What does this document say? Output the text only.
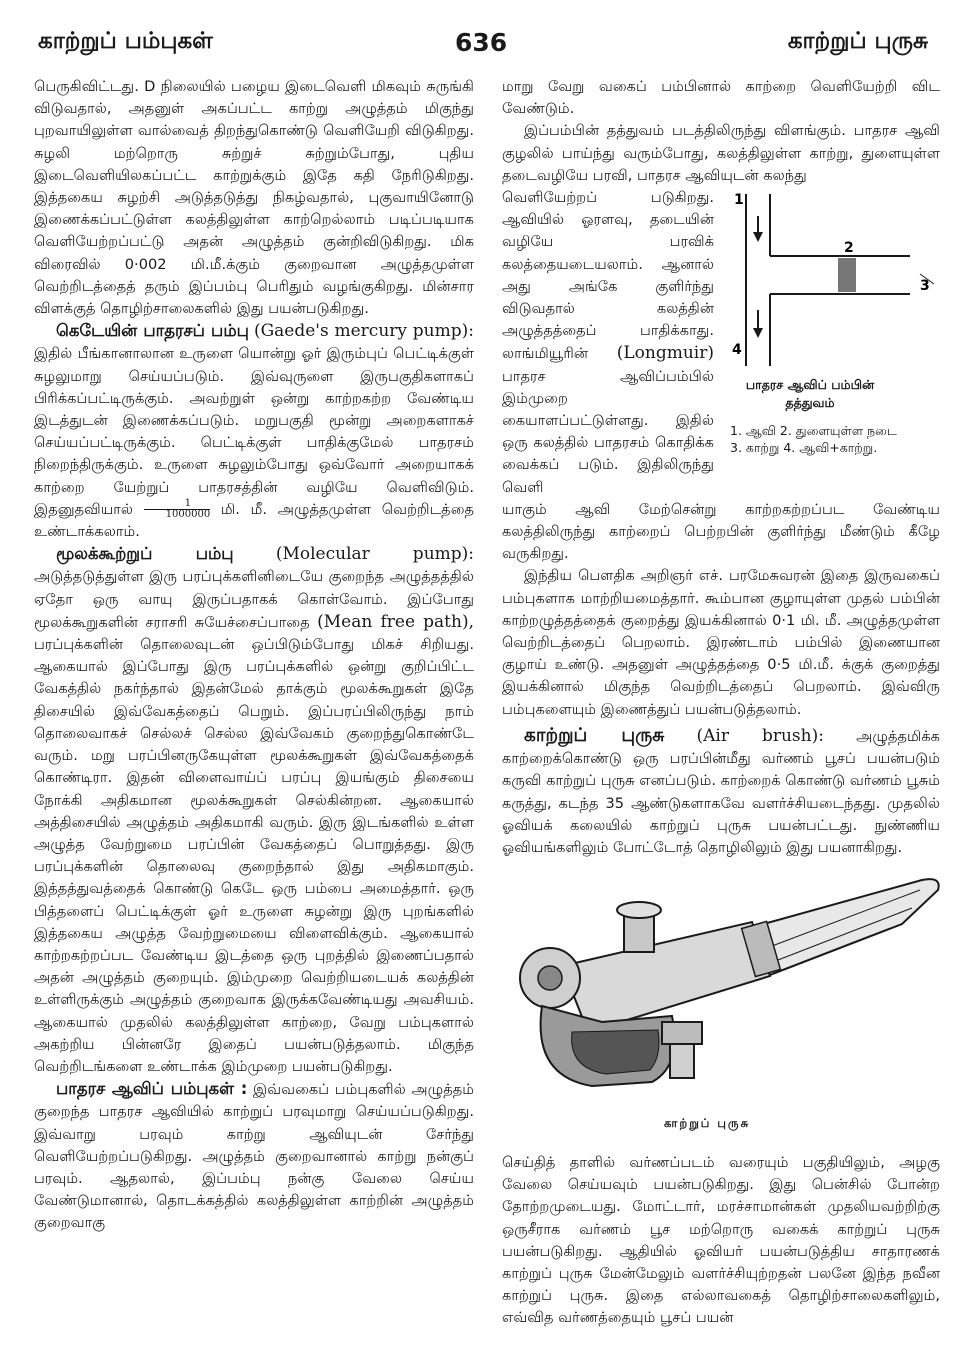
காற்றுப் பம்புகள்	636	காற்றுப் புருசு

பெருகிவிட்டது. D நிலையில் பழைய இடைவெளி மிகவும் சுருங்கி விடுவதால், அதனுள் அகப்பட்ட காற்று அழுத்தம் மிகுந்து புறவாயிலுள்ள வால்வைத் திறந்துகொண்டு வெளியேறி விடுகிறது. சுழலி மற்றொரு சுற்றுச் சுற்றும்போது, புதிய இடைவெளியிலகப்பட்ட காற்றுக்கும் இதே கதி நேரிடுகிறது. இத்தகைய சுழற்சி அடுத்தடுத்து நிகழ்வதால், புகுவாயினோடு இணைக்கப்பட்டுள்ள கலத்திலுள்ள காற்றெல்லாம் படிப்படியாக வெளியேற்றப்பட்டு அதன் அழுத்தம் குன்றிவிடுகிறது. மிக விரைவில் 0·002 மி.மீ.க்கும் குறைவான அழுத்தமுள்ள வெற்றிடத்தைத் தரும் இப்பம்பு பெரிதும் வழங்குகிறது. மின்சார விளக்குத் தொழிற்சாலைகளில் இது பயன்படுகிறது.

கெடேயின் பாதரசப் பம்பு (Gaede's mercury pump): இதில் பீங்கானாலான உருளை யொன்று ஓர் இரும்புப் பெட்டிக்குள் சுழலுமாறு செய்யப்படும். இவ்வுருளை இருபகுதிகளாகப் பிரிக்கப்பட்டிருக்கும். அவற்றுள் ஒன்று காற்றகற்ற வேண்டிய இடத்துடன் இணைக்கப்படும். மறுபகுதி மூன்று அறைகளாகச் செய்யப்பட்டிருக்கும். பெட்டிக்குள் பாதிக்குமேல் பாதரசம் நிறைந்திருக்கும். உருளை சுழலும்போது ஒவ்வோர் அறையாகக் காற்றை யேற்றுப் பாதரசத்தின் வழியே வெளிவிடும். இதனுதவியால் $\frac{1}{1000000}$ மி. மீ. அழுத்தமுள்ள வெற்றிடத்தை உண்டாக்கலாம்.

மூலக்கூற்றுப் பம்பு (Molecular pump): அடுத்தடுத்துள்ள இரு பரப்புக்களினிடையே குறைந்த அழுத்தத்தில் ஏதோ ஒரு வாயு இருப்பதாகக் கொள்வோம். இப்போது மூலக்கூறுகளின் சராசரி சுயேச்சைப்பாதை (Mean free path), பரப்புக்களின் தொலைவுடன் ஒப்பிடும்போது மிகச் சிறியது. ஆகையால் இப்போது இரு பரப்புக்களில் ஒன்று குறிப்பிட்ட வேகத்தில் நகர்ந்தால் இதன்மேல் தாக்கும் மூலக்கூறுகள் இதே திசையில் இவ்வேகத்தைப் பெறும். இப்பரப்பிலிருந்து நாம் தொலைவாகச் செல்லச் செல்ல இவ்வேகம் குறைந்துகொண்டே வரும். மறு பரப்பினருகேயுள்ள மூலக்கூறுகள் இவ்வேகத்தைக் கொண்டிரா. இதன் விளைவாய்ப் பரப்பு இயங்கும் திசையை நோக்கி அதிகமான மூலக்கூறுகள் செல்கின்றன. ஆகையால் அத்திசையில் அழுத்தம் அதிகமாகி வரும். இரு இடங்களில் உள்ள அழுத்த வேற்றுமை பரப்பின் வேகத்தைப் பொறுத்தது. இரு பரப்புக்களின் தொலைவு குறைந்தால் இது அதிகமாகும். இத்தத்துவத்தைக் கொண்டு கெடே ஒரு பம்பை அமைத்தார். ஒரு பித்தளைப் பெட்டிக்குள் ஓர் உருளை சுழன்று இரு புறங்களில் இத்தகைய அழுத்த வேற்றுமையை விளைவிக்கும். ஆகையால் காற்றகற்றப்பட வேண்டிய இடத்தை ஒரு புறத்தில் இணைப்பதால் அதன் அழுத்தம் குறையும். இம்முறை வெற்றியடையக் கலத்தின் உள்ளிருக்கும் அழுத்தம் குறைவாக இருக்கவேண்டியது அவசியம். ஆகையால் முதலில் கலத்திலுள்ள காற்றை, வேறு பம்புகளால் அகற்றிய பின்னரே இதைப் பயன்படுத்தலாம். மிகுந்த வெற்றிடங்களை உண்டாக்க இம்முறை பயன்படுகிறது.

பாதரச ஆவிப் பம்புகள் : இவ்வகைப் பம்புகளில் அழுத்தம் குறைந்த பாதரச ஆவியில் காற்றுப் பரவுமாறு செய்யப்படுகிறது. இவ்வாறு பரவும் காற்று ஆவியுடன் சேர்ந்து வெளியேற்றப்படுகிறது. அழுத்தம் குறைவானால் காற்று நன்குப் பரவும். ஆதலால், இப்பம்பு நன்கு வேலை செய்ய வேண்டுமானால், தொடக்கத்தில் கலத்திலுள்ள காற்றின் அழுத்தம் குறைவாகு

மாறு வேறு வகைப் பம்பினால் காற்றை வெளியேற்றி விட வேண்டும்.

இப்பம்பின் தத்துவம் படத்திலிருந்து விளங்கும். பாதரச ஆவி குழலில் பாய்ந்து வரும்போது, கலத்திலுள்ள காற்று, துளையுள்ள தடைவழியே பரவி, பாதரச ஆவியுடன் கலந்து

வெளியேற்றப் படுகிறது. ஆவியில் ஓரளவு, தடையின் வழியே பரவிக் கலத்தையடையலாம். ஆனால் அது அங்கே குளிர்ந்து விடுவதால் கலத்தின் அழுத்தத்தைப் பாதிக்காது. லாங்மியூரின் (Longmuir) பாதரச ஆவிப்பம்பில் இம்முறை கையாளப்பட்டுள்ளது. இதில் ஒரு கலத்தில் பாதரசம் கொதிக்க வைக்கப் படும். இதிலிருந்து வெளி

யாகும் ஆவி மேற்சென்று காற்றகற்றப்பட வேண்டிய கலத்திலிருந்து காற்றைப் பெற்றபின் குளிர்ந்து மீண்டும் கீழே வருகிறது.

இந்திய பௌதிக அறிஞர் எச். பரமேசுவரன் இதை இருவகைப் பம்புகளாக மாற்றியமைத்தார். கூம்பான குழாயுள்ள முதல் பம்பின் காற்றழுத்தத்தைக் குறைத்து இயக்கினால் 0·1 மி. மீ. அழுத்தமுள்ள வெற்றிடத்தைப் பெறலாம். இரண்டாம் பம்பில் இணையான குழாய் உண்டு. அதனுள் அழுத்தத்தை 0·5 மி.மீ. க்குக் குறைத்து இயக்கினால் மிகுந்த வெற்றிடத்தைப் பெறலாம். இவ்விரு பம்புகளையும் இணைத்துப் பயன்படுத்தலாம்.

காற்றுப் புருசு (Air brush): அழுத்தமிக்க காற்றைக்கொண்டு ஒரு பரப்பின்மீது வர்ணம் பூசப் பயன்படும் கருவி காற்றுப் புருசு எனப்படும். காற்றைக் கொண்டு வர்ணம் பூசும் கருத்து, கடந்த 35 ஆண்டுகளாகவே வளர்ச்சியடைந்தது. முதலில் ஓவியக் கலையில் காற்றுப் புருசு பயன்பட்டது. நுண்ணிய ஓவியங்களிலும் போட்டோத் தொழிலிலும் இது பயனாகிறது.

1
2
3
4
பாதரச ஆவிப் பம்பின் தத்துவம்
1. ஆவி 2. துளையுள்ள நடை 3. காற்று 4. ஆவி+காற்று.
காற்றுப் புருசு

செய்தித் தாளில் வர்ணப்படம் வரையும் பகுதியிலும், அழகு வேலை செய்யவும் பயன்படுகிறது. இது பென்சில் போன்ற தோற்றமுடையது. மோட்டார், மரச்சாமான்கள் முதலியவற்றிற்கு ஒருசீராக வர்ணம் பூச மற்றொரு வகைக் காற்றுப் புருசு பயன்படுகிறது. ஆதியில் ஓவியர் பயன்படுத்திய சாதாரணக் காற்றுப் புருசு மேன்மேலும் வளர்ச்சியுற்றதன் பலனே இந்த நவீன காற்றுப் புருசு. இதை எல்லாவகைத் தொழிற்சாலைகளிலும், எவ்வித வர்ணத்தையும் பூசப் பயன்
